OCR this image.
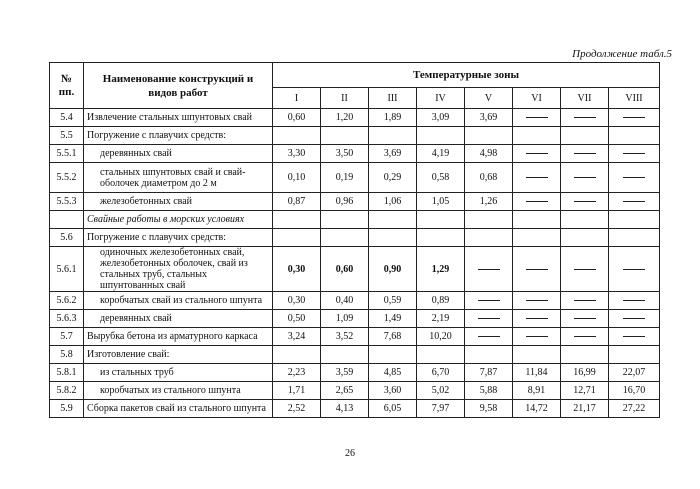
Продолжение табл.5
№
пп.	Наименование конструкций и
видов работ	Температурные зоны							
		I	II	III	IV	V	VI	VII	VIII
5.4	Извлечение стальных шпунтовых свай	0,60	1,20	1,89	3,09	3,69			
5.5	Погружение с плавучих средств:								
5.5.1	деревянных свай	3,30	3,50	3,69	4,19	4,98			
5.5.2	стальных шпунтовых свай и свай-оболочек диаметром до 2 м	0,10	0,19	0,29	0,58	0,68			
5.5.3	железобетонных свай	0,87	0,96	1,06	1,05	1,26			
	Свайные работы в морских условиях								
5.6	Погружение с плавучих средств:								
5.6.1	одиночных железобетонных свай, железобетонных оболочек, свай из стальных труб, стальных шпунтованных свай	0,30	0,60	0,90	1,29				
5.6.2	коробчатых свай из стального шпунта	0,30	0,40	0,59	0,89				
5.6.3	деревянных свай	0,50	1,09	1,49	2,19				
5.7	Вырубка бетона из арматурного каркаса	3,24	3,52	7,68	10,20				
5.8	Изготовление свай:								
5.8.1	из стальных труб	2,23	3,59	4,85	6,70	7,87	11,84	16,99	22,07
5.8.2	коробчатых из стального шпунта	1,71	2,65	3,60	5,02	5,88	8,91	12,71	16,70
5.9	Сборка пакетов свай из стального шпунта	2,52	4,13	6,05	7,97	9,58	14,72	21,17	27,22
26
